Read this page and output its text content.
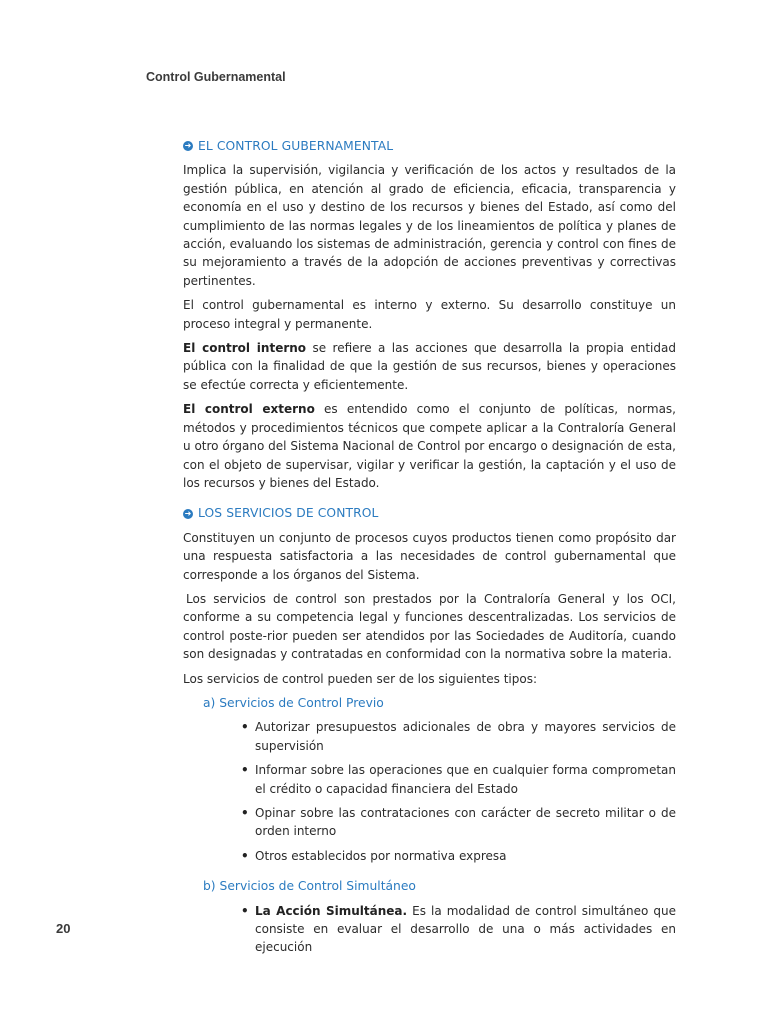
Control Gubernamental
➜ EL CONTROL GUBERNAMENTAL

Implica la supervisión, vigilancia y verificación de los actos y resultados de la gestión pública, en atención al grado de eficiencia, eficacia, transparencia y economía en el uso y destino de los recursos y bienes del Estado, así como del cumplimiento de las normas legales y de los lineamientos de política y planes de acción, evaluando los sistemas de administración, gerencia y control con fines de su mejoramiento a través de la adopción de acciones preventivas y correctivas pertinentes.

El control gubernamental es interno y externo. Su desarrollo constituye un proceso integral y permanente.

El control interno se refiere a las acciones que desarrolla la propia entidad pública con la finalidad de que la gestión de sus recursos, bienes y operaciones se efectúe correcta y eficientemente.

El control externo es entendido como el conjunto de políticas, normas, métodos y procedimientos técnicos que compete aplicar a la Contraloría General u otro órgano del Sistema Nacional de Control por encargo o designación de esta, con el objeto de supervisar, vigilar y verificar la gestión, la captación y el uso de los recursos y bienes del Estado.

➜ LOS SERVICIOS DE CONTROL

Constituyen un conjunto de procesos cuyos productos tienen como propósito dar una respuesta satisfactoria a las necesidades de control gubernamental que corresponde a los órganos del Sistema.

Los servicios de control son prestados por la Contraloría General y los OCI, conforme a su competencia legal y funciones descentralizadas. Los servicios de control poste-rior pueden ser atendidos por las Sociedades de Auditoría, cuando son designadas y contratadas en conformidad con la normativa sobre la materia.

Los servicios de control pueden ser de los siguientes tipos:

a) Servicios de Control Previo
• Autorizar presupuestos adicionales de obra y mayores servicios de supervisión
• Informar sobre las operaciones que en cualquier forma comprometan el crédito o capacidad financiera del Estado
• Opinar sobre las contrataciones con carácter de secreto militar o de orden interno
• Otros establecidos por normativa expresa
b) Servicios de Control Simultáneo
• La Acción Simultánea. Es la modalidad de control simultáneo que consiste en evaluar el desarrollo de una o más actividades en ejecución
20
